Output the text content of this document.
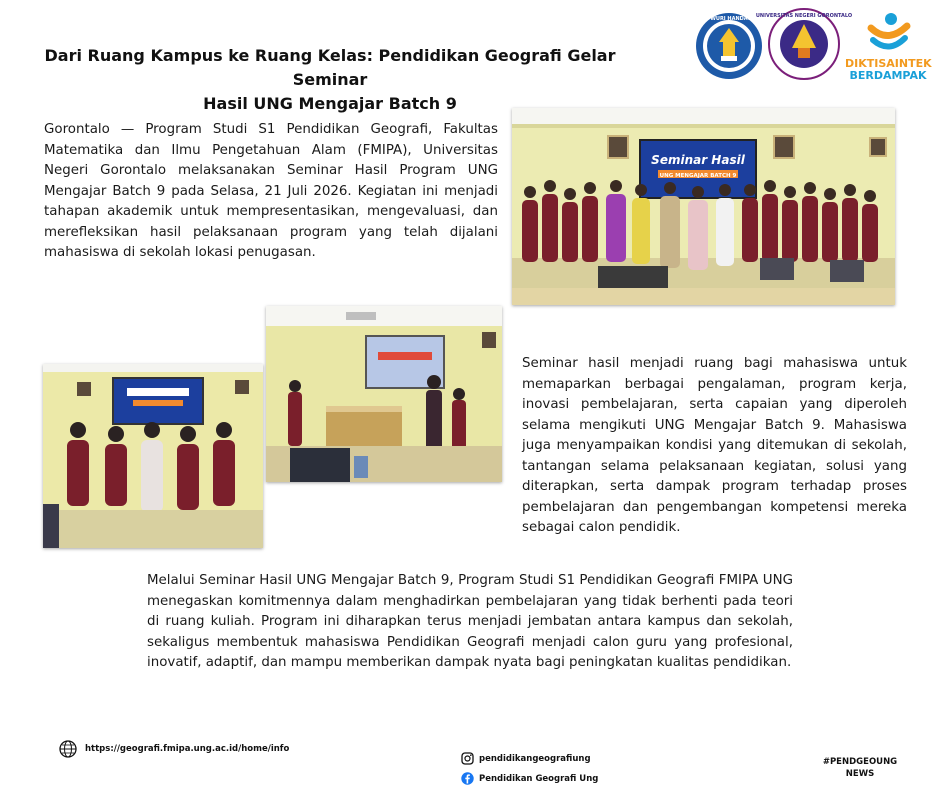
Dari Ruang Kampus ke Ruang Kelas: Pendidikan Geografi Gelar Seminar
Hasil UNG Mengajar Batch 9
TUT WURI HANDAYANI
UNIVERSITAS NEGERI GORONTALO
DIKTISAINTEK
BERDAMPAK

Gorontalo — Program Studi S1 Pendidikan Geografi, Fakultas Matematika dan Ilmu Pengetahuan Alam (FMIPA), Universitas Negeri Gorontalo melaksanakan Seminar Hasil Program UNG Mengajar Batch 9 pada Selasa, 21 Juli 2026. Kegiatan ini menjadi tahapan akademik untuk mempresentasikan, mengevaluasi, dan merefleksikan hasil pelaksanaan program yang telah dijalani mahasiswa di sekolah lokasi penugasan.

Seminar hasil menjadi ruang bagi mahasiswa untuk memaparkan berbagai pengalaman, program kerja, inovasi pembelajaran, serta capaian yang diperoleh selama mengikuti UNG Mengajar Batch 9. Mahasiswa juga menyampaikan kondisi yang ditemukan di sekolah, tantangan selama pelaksanaan kegiatan, solusi yang diterapkan, serta dampak program terhadap proses pembelajaran dan pengembangan kompetensi mereka sebagai calon pendidik.

Melalui Seminar Hasil UNG Mengajar Batch 9, Program Studi S1 Pendidikan Geografi FMIPA UNG menegaskan komitmennya dalam menghadirkan pembelajaran yang tidak berhenti pada teori di ruang kuliah. Program ini diharapkan terus menjadi jembatan antara kampus dan sekolah, sekaligus membentuk mahasiswa Pendidikan Geografi menjadi calon guru yang profesional, inovatif, adaptif, dan mampu memberikan dampak nyata bagi peningkatan kualitas pendidikan.

Seminar Hasil
UNG MENGAJAR BATCH 9
https://geografi.fmipa.ung.ac.id/home/info
pendidikangeografiung
Pendidikan Geografi Ung
#PENDGEOUNG
NEWS
